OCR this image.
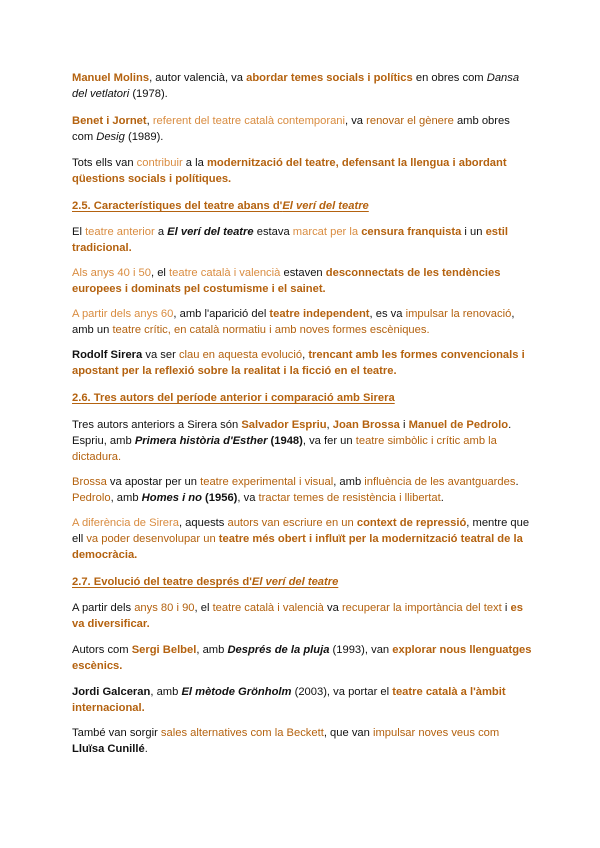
Manuel Molins, autor valencià, va abordar temes socials i polítics en obres com Dansa del vetlatori (1978).
Benet i Jornet, referent del teatre català contemporani, va renovar el gènere amb obres com Desig (1989).
Tots ells van contribuir a la modernització del teatre, defensant la llengua i abordant qüestions socials i polítiques.
2.5. Característiques del teatre abans d'El verí del teatre
El teatre anterior a El verí del teatre estava marcat per la censura franquista i un estil tradicional.
Als anys 40 i 50, el teatre català i valencià estaven desconnectats de les tendències europees i dominats pel costumisme i el sainet.
A partir dels anys 60, amb l'aparició del teatre independent, es va impulsar la renovació, amb un teatre crític, en català normatiu i amb noves formes escèniques.
Rodolf Sirera va ser clau en aquesta evolució, trencant amb les formes convencionals i apostant per la reflexió sobre la realitat i la ficció en el teatre.
2.6. Tres autors del període anterior i comparació amb Sirera
Tres autors anteriors a Sirera són Salvador Espriu, Joan Brossa i Manuel de Pedrolo. Espriu, amb Primera història d'Esther (1948), va fer un teatre simbòlic i crític amb la dictadura.
Brossa va apostar per un teatre experimental i visual, amb influència de les avantguardes. Pedrolo, amb Homes i no (1956), va tractar temes de resistència i llibertat.
A diferència de Sirera, aquests autors van escriure en un context de repressió, mentre que ell va poder desenvolupar un teatre més obert i influït per la modernització teatral de la democràcia.
2.7. Evolució del teatre després d'El verí del teatre
A partir dels anys 80 i 90, el teatre català i valencià va recuperar la importància del text i es va diversificar.
Autors com Sergi Belbel, amb Després de la pluja (1993), van explorar nous llenguatges escènics.
Jordi Galceran, amb El mètode Grönholm (2003), va portar el teatre català a l'àmbit internacional.
També van sorgir sales alternatives com la Beckett, que van impulsar noves veus com Lluïsa Cunillé.
